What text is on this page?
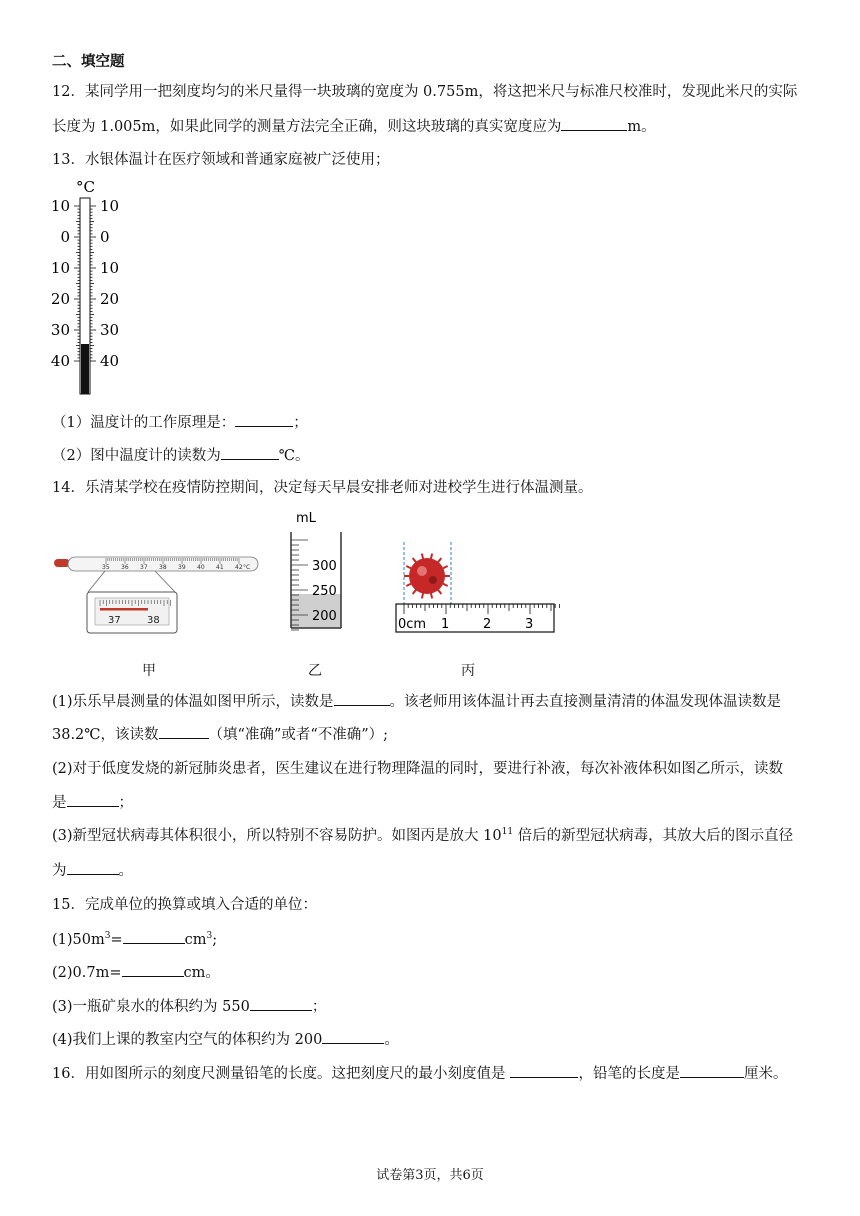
二、填空题
12．某同学用一把刻度均匀的米尺量得一块玻璃的宽度为 0.755m，将这把米尺与标准尺校准时，发现此米尺的实际
长度为 1.005m，如果此同学的测量方法完全正确，则这块玻璃的真实宽度应为	m。
13．水银体温计在医疗领域和普通家庭被广泛使用；
°C
10
0
10
20
30
40
10
0
10
20
30
40
（1）温度计的工作原理是：	；
（2）图中温度计的读数为	℃。
14．乐清某学校在疫情防控期间，决定每天早晨安排老师对进校学生进行体温测量。
35 36 37 38 39 40 41 42 °C
37	38
mL
300
250
200
0cm 1	2	3
甲	乙	丙
(1)乐乐早晨测量的体温如图甲所示，读数是	。该老师用该体温计再去直接测量清清的体温发现体温读数是
38.2℃，该读数	（填“准确”或者“不准确”）;
(2)对于低度发烧的新冠肺炎患者，医生建议在进行物理降温的同时，要进行补液，每次补液体积如图乙所示，读数
是	；
(3)新型冠状病毒其体积很小，所以特别不容易防护。如图丙是放大 $10^{11}$ 倍后的新型冠状病毒，其放大后的图示直径
为	。
15．完成单位的换算或填入合适的单位：
$(1)50m^3=$	$cm^3$;
(2)0.7m=	cm。
(3)一瓶矿泉水的体积约为 550	；
(4)我们上课的教室内空气的体积约为 200	。
16．用如图所示的刻度尺测量铅笔的长度。这把刻度尺的最小刻度值是	，铅笔的长度是	厘米。
试卷第3页，共6页
